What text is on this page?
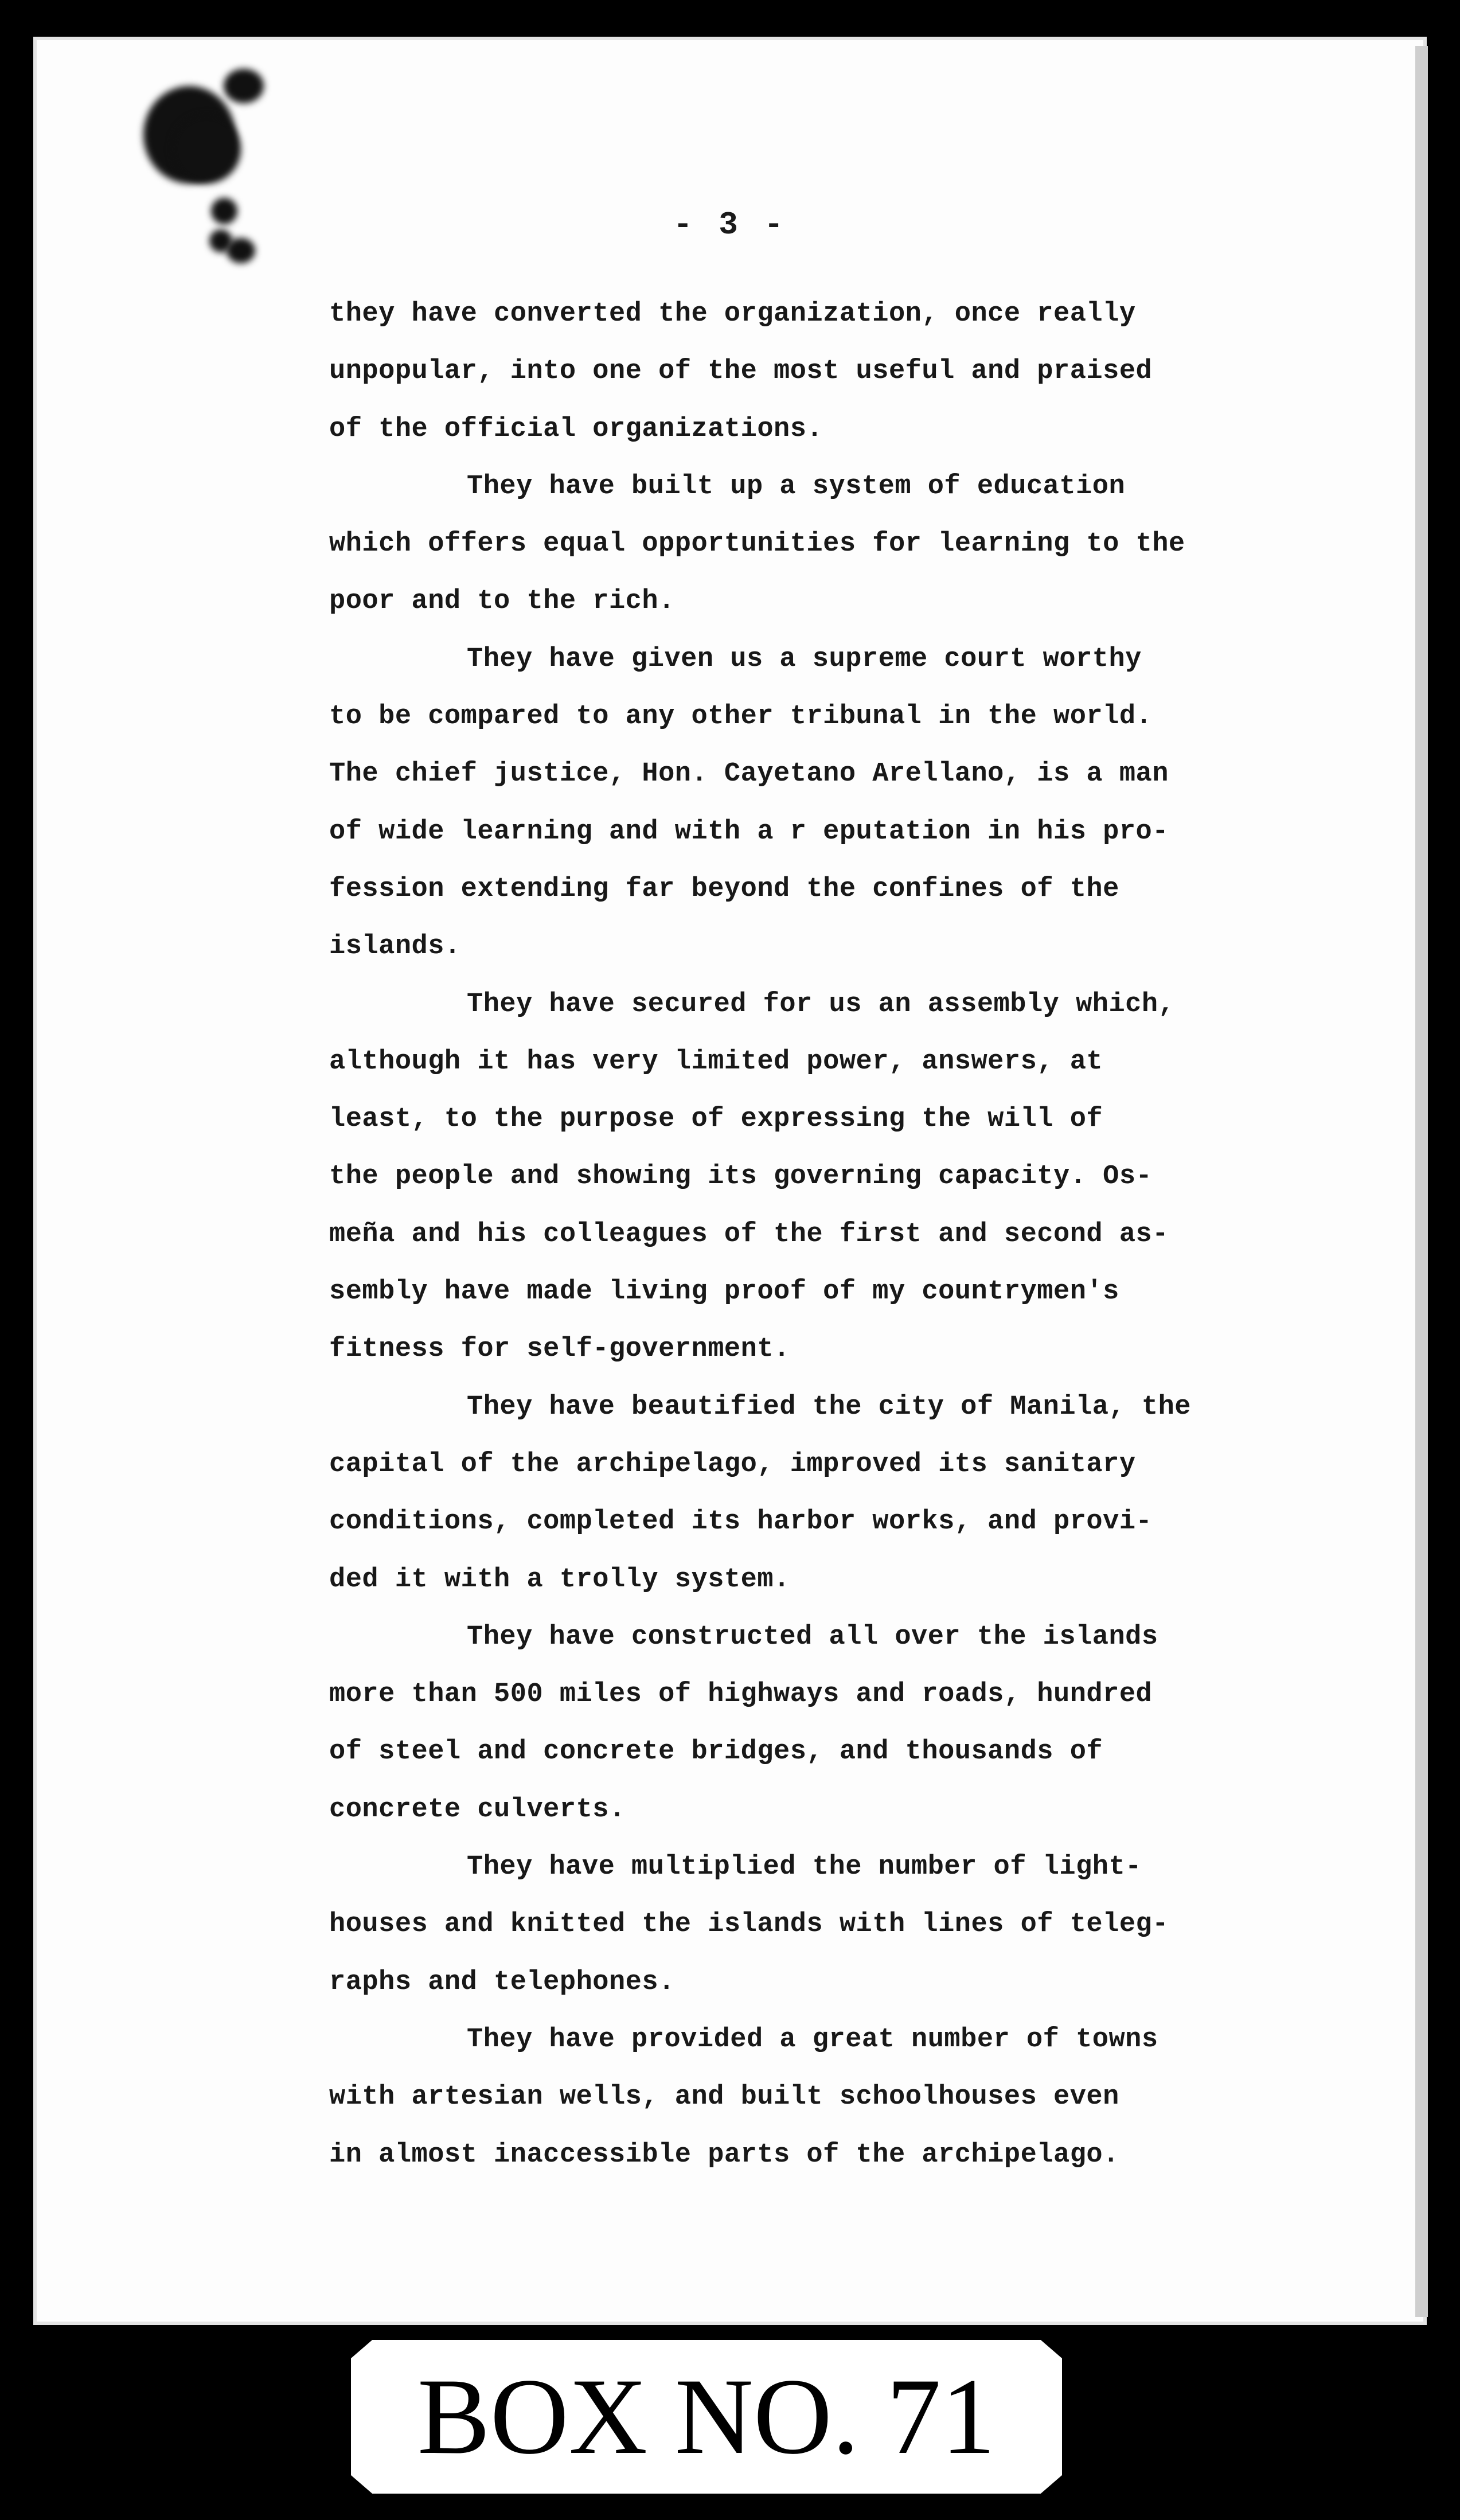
- 3 -
they have converted the organization, once really
unpopular, into one of the most useful and praised
of the official organizations.
They have built up a system of education
which offers equal opportunities for learning to the
poor and to the rich.
They have given us a supreme court worthy
to be compared to any other tribunal in the world.
The chief justice, Hon. Cayetano Arellano, is a man
of wide learning and with a r eputation in his pro-
fession extending far beyond the confines of the
islands.
They have secured for us an assembly which,
although it has very limited power, answers, at
least, to the purpose of expressing the will of
the people and showing its governing capacity. Os-
meña and his colleagues of the first and second as-
sembly have made living proof of my countrymen's
fitness for self-government.
They have beautified the city of Manila, the
capital of the archipelago, improved its sanitary
conditions, completed its harbor works, and provi-
ded it with a trolly system.
They have constructed all over the islands
more than 500 miles of highways and roads, hundred
of steel and concrete bridges, and thousands of
concrete culverts.
They have multiplied the number of light-
houses and knitted the islands with lines of teleg-
raphs and telephones.
They have provided a great number of towns
with artesian wells, and built schoolhouses even
in almost inaccessible parts of the archipelago.
BOX NO. 71
